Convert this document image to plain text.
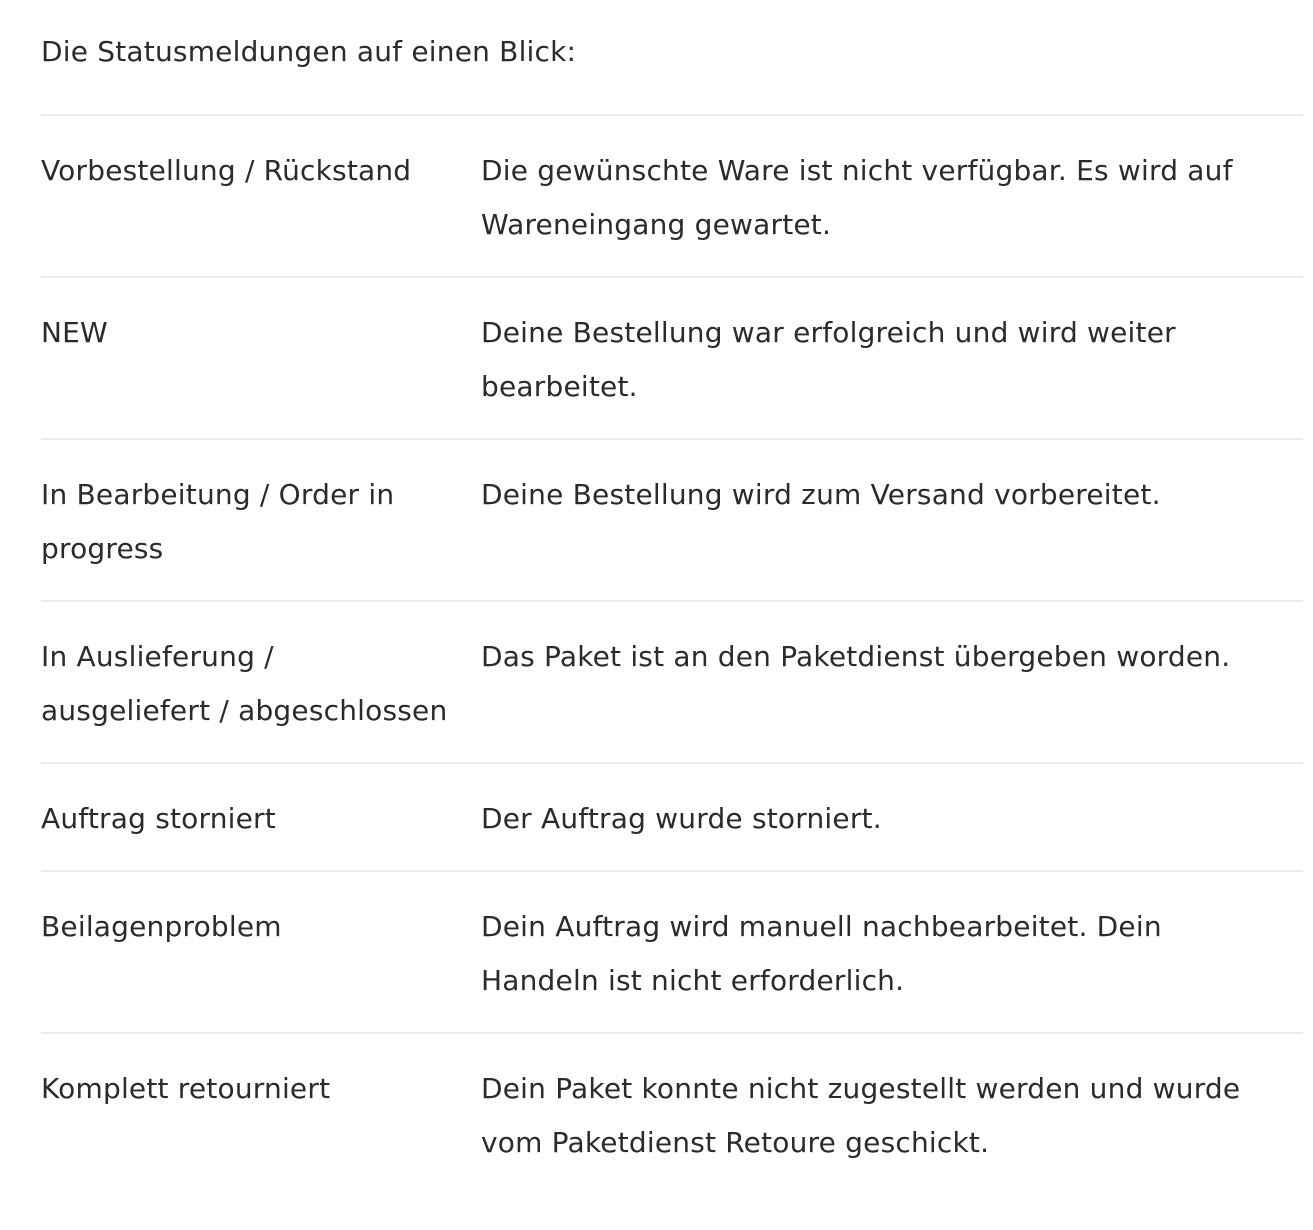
Die Statusmeldungen auf einen Blick:

Vorbestellung / Rückstand	Die gewünschte Ware ist nicht verfügbar. Es wird auf Wareneingang gewartet.
NEW	Deine Bestellung war erfolgreich und wird weiter bearbeitet.
In Bearbeitung / Order in progress	Deine Bestellung wird zum Versand vorbereitet.
In Auslieferung / ausgeliefert / abgeschlossen	Das Paket ist an den Paketdienst übergeben worden.
Auftrag storniert	Der Auftrag wurde storniert.
Beilagenproblem	Dein Auftrag wird manuell nachbearbeitet. Dein Handeln ist nicht erforderlich.
Komplett retourniert	Dein Paket konnte nicht zugestellt werden und wurde vom Paketdienst Retoure geschickt.
